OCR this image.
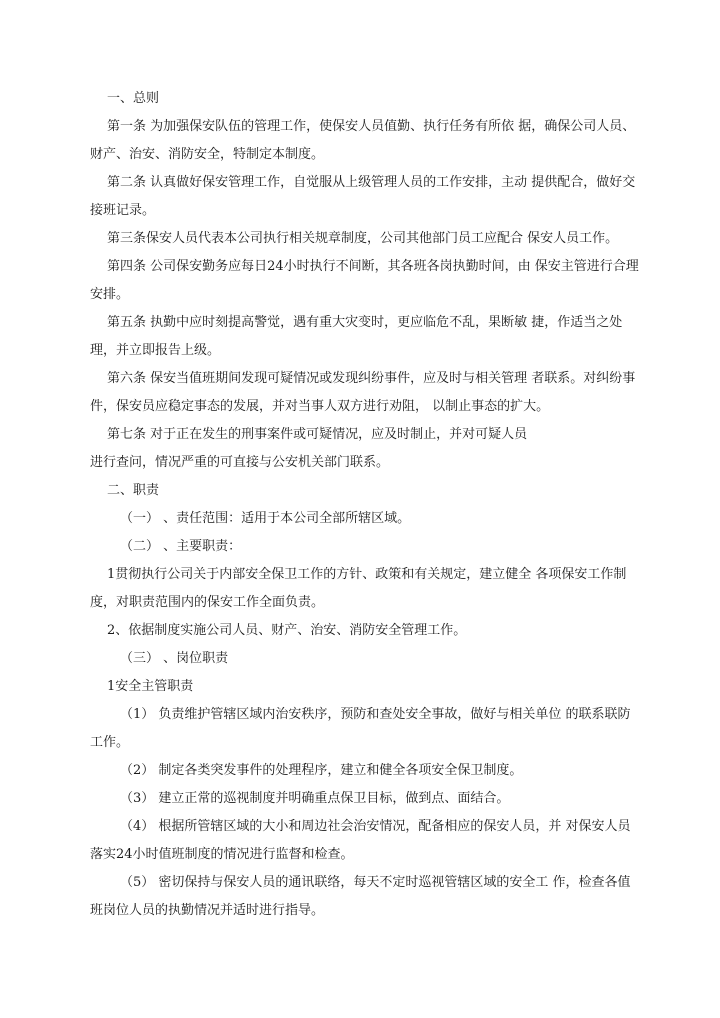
一、总则
第一条 为加强保安队伍的管理工作，使保安人员值勤、执行任务有所依 据，确保公司人员、
财产、治安、消防安全，特制定本制度。
第二条 认真做好保安管理工作，自觉服从上级管理人员的工作安排，主动 提供配合，做好交
接班记录。
第三条保安人员代表本公司执行相关规章制度，公司其他部门员工应配合 保安人员工作。
第四条 公司保安勤务应每日24小时执行不间断，其各班各岗执勤时间，由 保安主管进行合理
安排。
第五条 执勤中应时刻提高警觉，遇有重大灾变时，更应临危不乱，果断敏 捷，作适当之处
理，并立即报告上级。
第六条 保安当值班期间发现可疑情况或发现纠纷事件，应及时与相关管理 者联系。对纠纷事
件，保安员应稳定事态的发展，并对当事人双方进行劝阻， 以制止事态的扩大。
第七条 对于正在发生的刑事案件或可疑情况，应及时制止，并对可疑人员
进行查问，情况严重的可直接与公安机关部门联系。
二、职责
（一） 、责任范围：适用于本公司全部所辖区域。
（二） 、主要职责：
1贯彻执行公司关于内部安全保卫工作的方针、政策和有关规定，建立健全 各项保安工作制
度，对职责范围内的保安工作全面负责。
2、依据制度实施公司人员、财产、治安、消防安全管理工作。
（三） 、岗位职责
1安全主管职责
（1） 负责维护管辖区域内治安秩序，预防和查处安全事故，做好与相关单位 的联系联防
工作。
（2） 制定各类突发事件的处理程序，建立和健全各项安全保卫制度。
（3） 建立正常的巡视制度并明确重点保卫目标，做到点、面结合。
（4） 根据所管辖区域的大小和周边社会治安情况，配备相应的保安人员，并 对保安人员
落实24小时值班制度的情况进行监督和检查。
（5） 密切保持与保安人员的通讯联络，每天不定时巡视管辖区域的安全工 作，检查各值
班岗位人员的执勤情况并适时进行指导。
